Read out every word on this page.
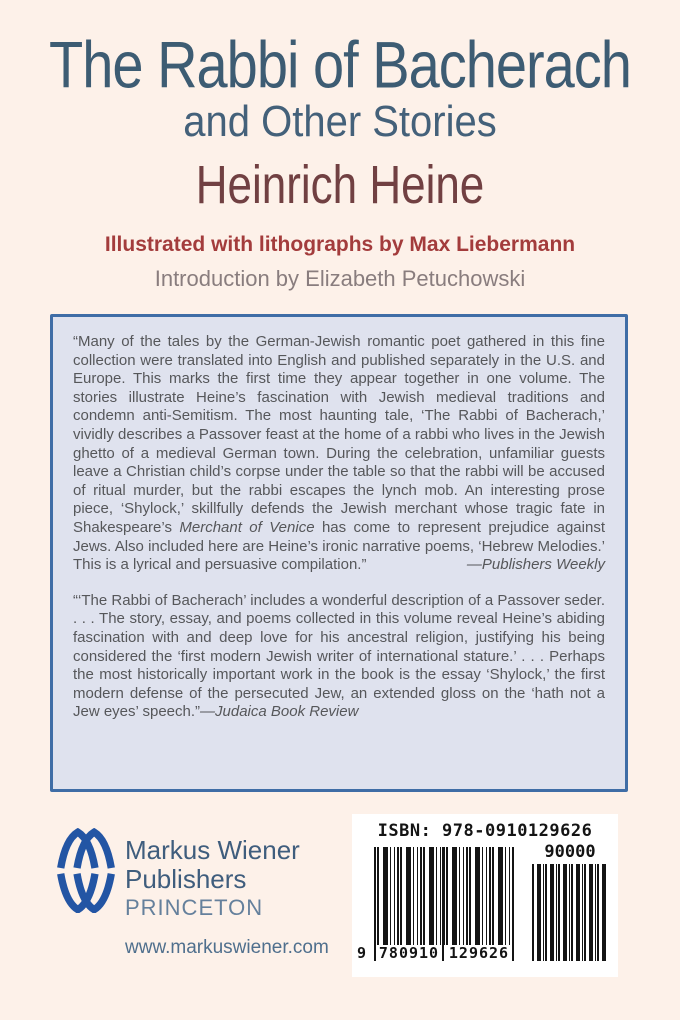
The Rabbi of Bacherach
and Other Stories
Heinrich Heine

Illustrated with lithographs by Max Liebermann

Introduction by Elizabeth Petuchowski

“Many of the tales by the German-Jewish romantic poet gathered in this fine collection were translated into English and published separately in the U.S. and Europe. This marks the first time they appear together in one volume. The stories illustrate Heine’s fascination with Jewish medieval traditions and condemn anti-Semitism. The most haunting tale, ‘The Rabbi of Bacherach,’ vividly describes a Passover feast at the home of a rabbi who lives in the Jewish ghetto of a medieval German town. During the celebration, unfamiliar guests leave a Christian child’s corpse under the table so that the rabbi will be accused of ritual murder, but the rabbi escapes the lynch mob. An interesting prose piece, ‘Shylock,’ skillfully defends the Jewish merchant whose tragic fate in Shakespeare’s Merchant of Venice has come to represent prejudice against Jews. Also included here are Heine’s ironic narrative poems, ‘Hebrew Melodies.’ This is a lyrical and persuasive compilation.”	—Publishers Weekly

“‘The Rabbi of Bacherach’ includes a wonderful description of a Passover seder. . . . The story, essay, and poems collected in this volume reveal Heine’s abiding fascination with and deep love for his ancestral religion, justifying his being considered the ‘first modern Jewish writer of international stature.’ . . . Perhaps the most historically important work in the book is the essay ‘Shylock,’ the first modern defense of the persecuted Jew, an extended gloss on the ‘hath not a Jew eyes’ speech.”—Judaica Book Review

Markus Wiener
Publishers
PRINCETON
www.markuswiener.com
ISBN: 978-0910129626
9 780910 129626
90000
